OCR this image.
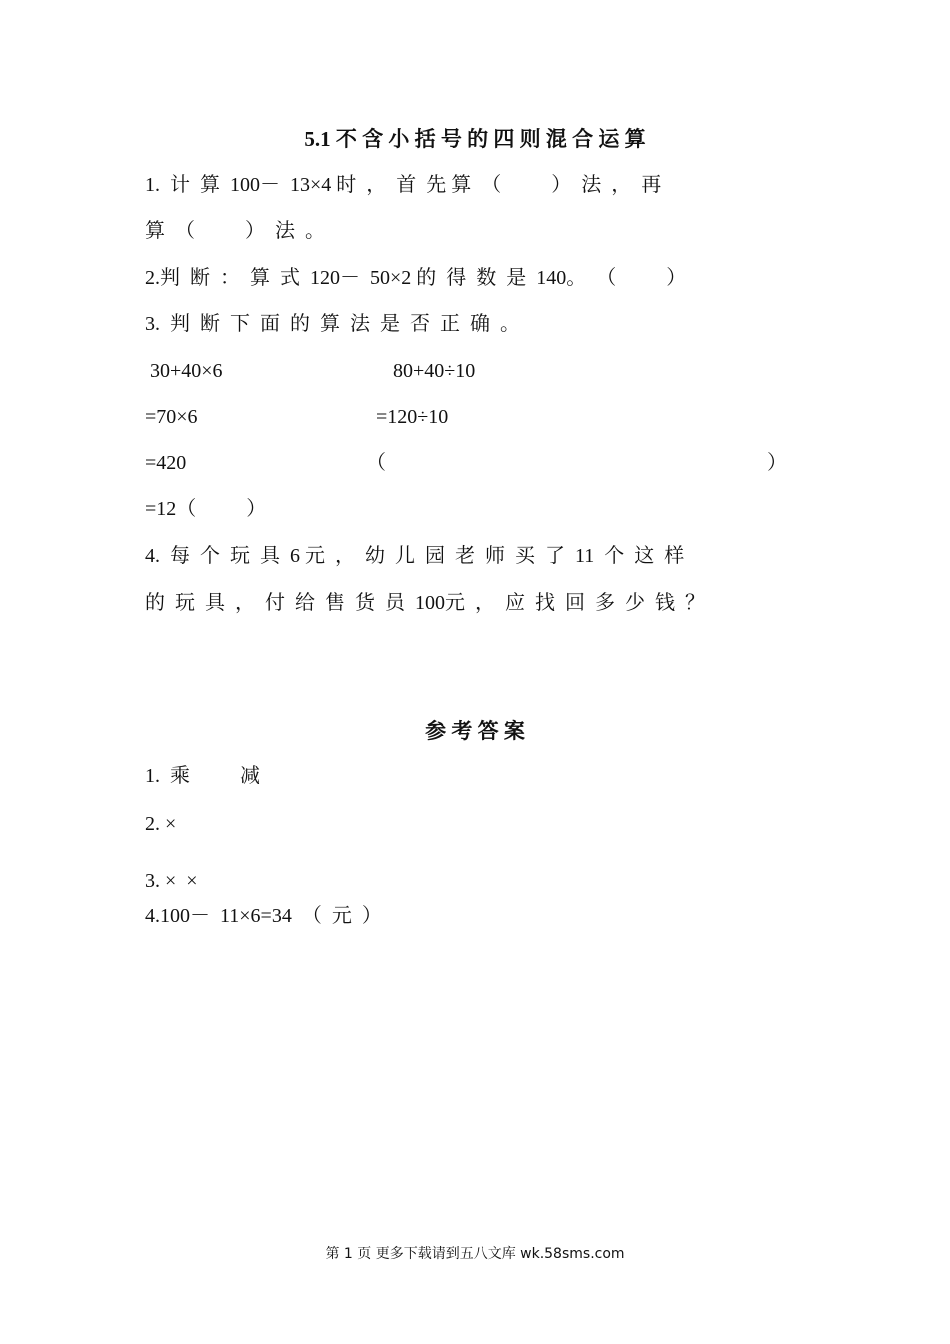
5.1 不 含 小 括 号 的 四 则 混 合 运 算

1.  计  算  100－  13×4 时  ，  首  先 算  （          ）  法  ，  再

算  （          ）  法  。

2.判  断  ：  算  式  120－  50×2 的  得  数  是  140。  （          ）

3.  判  断  下  面  的  算  法  是  否  正  确  。

30+40×6	80+40÷10

=70×6	=120÷10

=420	（	）

=12（          ）

4.  每  个  玩  具  6 元  ，  幼  儿  园  老  师  买  了  11  个  这  样

的  玩  具  ，  付  给  售  货  员  100元  ，  应  找  回  多  少  钱  ？

参 考 答 案

1.  乘          减

2. ×

3. ×  ×

4.100－  11×6=34  （  元  ）

第 1 页 更多下载请到五八文库 wk.58sms.com
